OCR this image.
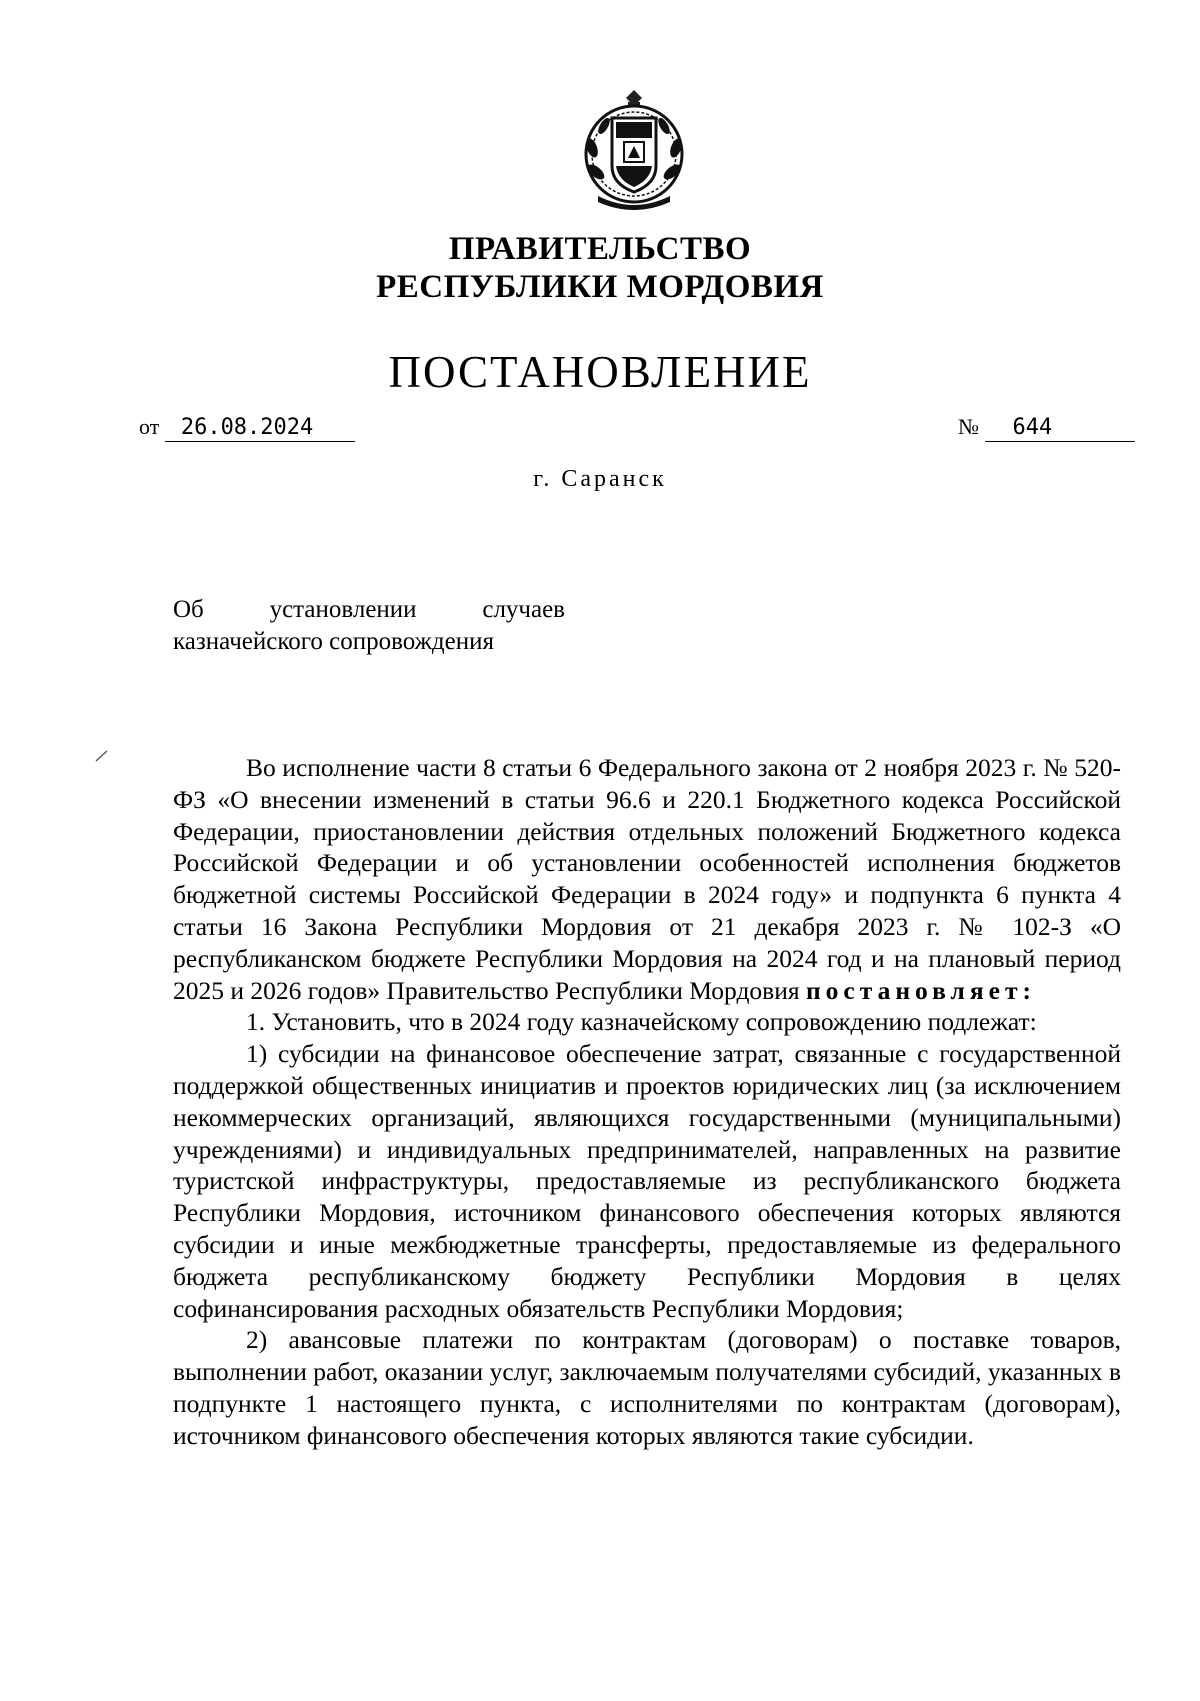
ПРАВИТЕЛЬСТВО
РЕСПУБЛИКИ МОРДОВИЯ
ПОСТАНОВЛЕНИЕ
от 26.08.2024	№ 644
г. Саранск
Об	установлении	случаев
казначейского сопровождения

Во исполнение части 8 статьи 6 Федерального закона от 2 ноября 2023 г. № 520-ФЗ «О внесении изменений в статьи 96.6 и 220.1 Бюджетного кодекса Российской Федерации, приостановлении действия отдельных положений Бюджетного кодекса Российской Федерации и об установлении особенностей исполнения бюджетов бюджетной системы Российской Федерации в 2024 году» и подпункта 6 пункта 4 статьи 16 Закона Республики Мордовия от 21 декабря 2023 г. № 102-З «О республиканском бюджете Республики Мордовия на 2024 год и на плановый период 2025 и 2026 годов» Правительство Республики Мордовия постановляет:

1. Установить, что в 2024 году казначейскому сопровождению подлежат:

1) субсидии на финансовое обеспечение затрат, связанные с государственной поддержкой общественных инициатив и проектов юридических лиц (за исключением некоммерческих организаций, являющихся государственными (муниципальными) учреждениями) и индивидуальных предпринимателей, направленных на развитие туристской инфраструктуры, предоставляемые из республиканского бюджета Республики Мордовия, источником финансового обеспечения которых являются субсидии и иные межбюджетные трансферты, предоставляемые из федерального бюджета республиканскому бюджету Республики Мордовия в целях софинансирования расходных обязательств Республики Мордовия;

2) авансовые платежи по контрактам (договорам) о поставке товаров, выполнении работ, оказании услуг, заключаемым получателями субсидий, указанных в подпункте 1 настоящего пункта, с исполнителями по контрактам (договорам), источником финансового обеспечения которых являются такие субсидии.
